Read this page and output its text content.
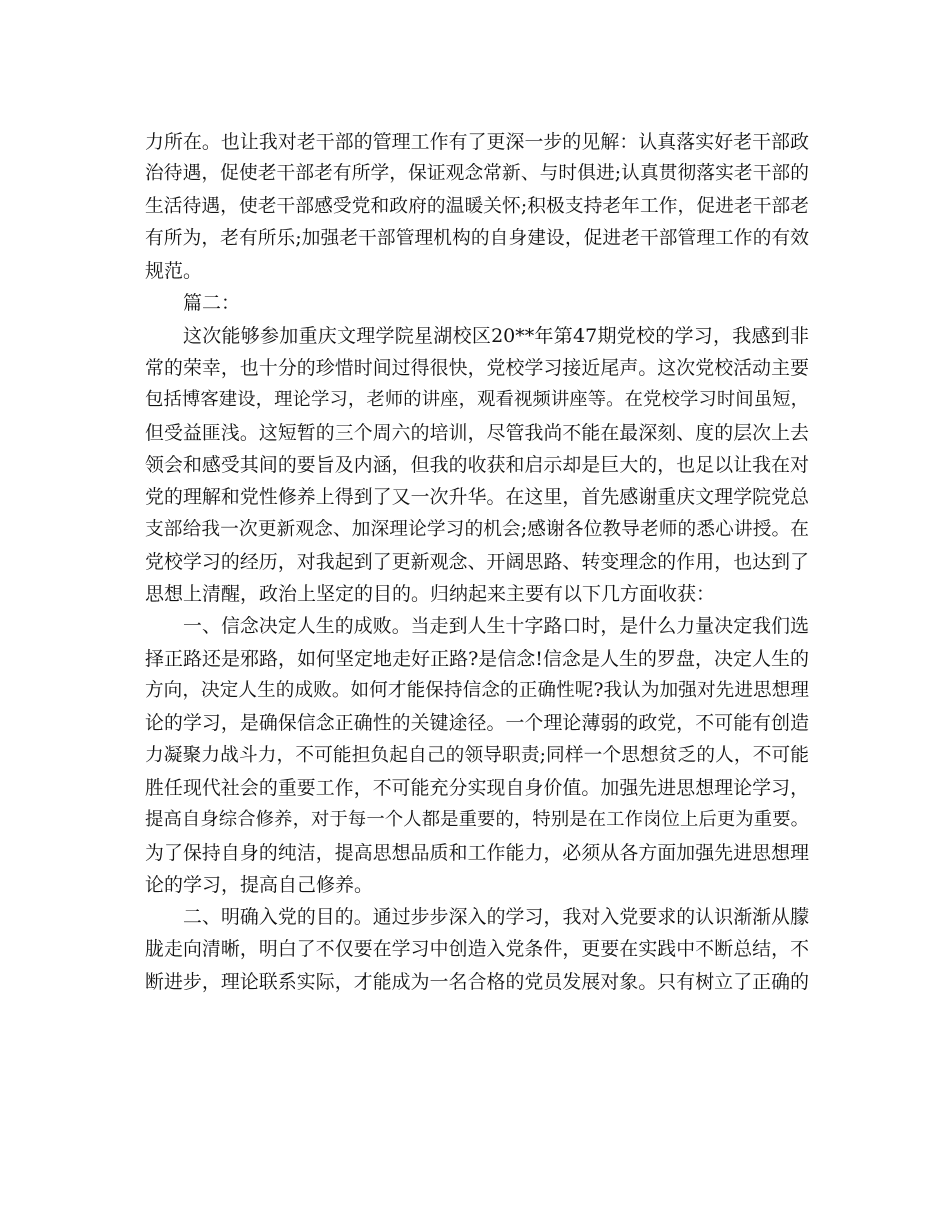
力所在。也让我对老干部的管理工作有了更深一步的见解：认真落实好老干部政
治待遇，促使老干部老有所学，保证观念常新、与时俱进;认真贯彻落实老干部的
生活待遇，使老干部感受党和政府的温暖关怀;积极支持老年工作，促进老干部老
有所为，老有所乐;加强老干部管理机构的自身建设，促进老干部管理工作的有效
规范。
篇二：
这次能够参加重庆文理学院星湖校区20**年第47期党校的学习，我感到非
常的荣幸，也十分的珍惜时间过得很快，党校学习接近尾声。这次党校活动主要
包括博客建设，理论学习，老师的讲座，观看视频讲座等。在党校学习时间虽短，
但受益匪浅。这短暂的三个周六的培训，尽管我尚不能在最深刻、度的层次上去
领会和感受其间的要旨及内涵，但我的收获和启示却是巨大的，也足以让我在对
党的理解和党性修养上得到了又一次升华。在这里，首先感谢重庆文理学院党总
支部给我一次更新观念、加深理论学习的机会;感谢各位教导老师的悉心讲授。在
党校学习的经历，对我起到了更新观念、开阔思路、转变理念的作用，也达到了
思想上清醒，政治上坚定的目的。归纳起来主要有以下几方面收获：
一、信念决定人生的成败。当走到人生十字路口时，是什么力量决定我们选
择正路还是邪路，如何坚定地走好正路?是信念!信念是人生的罗盘，决定人生的
方向，决定人生的成败。如何才能保持信念的正确性呢?我认为加强对先进思想理
论的学习，是确保信念正确性的关键途径。一个理论薄弱的政党，不可能有创造
力凝聚力战斗力，不可能担负起自己的领导职责;同样一个思想贫乏的人，不可能
胜任现代社会的重要工作，不可能充分实现自身价值。加强先进思想理论学习，
提高自身综合修养，对于每一个人都是重要的，特别是在工作岗位上后更为重要。
为了保持自身的纯洁，提高思想品质和工作能力，必须从各方面加强先进思想理
论的学习，提高自己修养。
二、明确入党的目的。通过步步深入的学习，我对入党要求的认识渐渐从朦
胧走向清晰，明白了不仅要在学习中创造入党条件，更要在实践中不断总结，不
断进步，理论联系实际，才能成为一名合格的党员发展对象。只有树立了正确的
